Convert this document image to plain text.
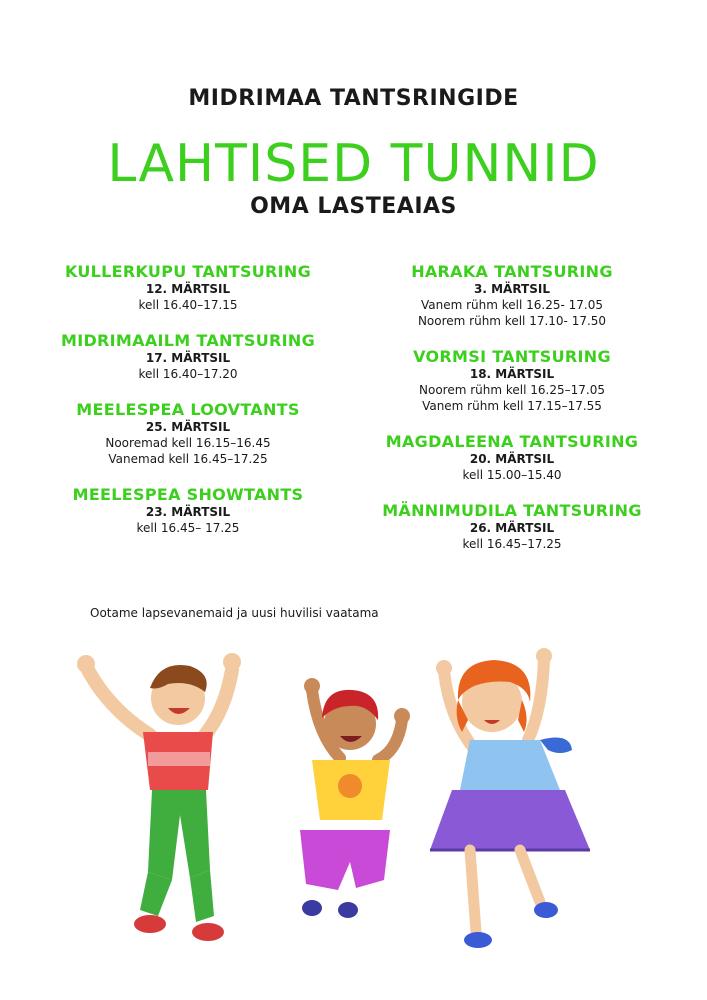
MIDRIMAA TANTSRINGIDE
LAHTISED TUNNID
OMA LASTEAIAS
KULLERKUPU TANTSURING
12. MÄRTSIL
kell 16.40–17.15
MIDRIMAAILM TANTSURING
17. MÄRTSIL
kell 16.40–17.20
MEELESPEA LOOVTANTS
25. MÄRTSIL
Nooremad kell 16.15–16.45
Vanemad kell 16.45–17.25
MEELESPEA SHOWTANTS
23. MÄRTSIL
kell 16.45– 17.25
HARAKA TANTSURING
3. MÄRTSIL
Vanem rühm kell 16.25- 17.05
Noorem rühm kell 17.10- 17.50
VORMSI TANTSURING
18. MÄRTSIL
Noorem rühm kell 16.25–17.05
Vanem rühm kell 17.15–17.55
MAGDALEENA TANTSURING
20. MÄRTSIL
kell 15.00–15.40
MÄNNIMUDILA TANTSURING
26. MÄRTSIL
kell 16.45–17.25
Ootame lapsevanemaid ja uusi huvilisi vaatama
